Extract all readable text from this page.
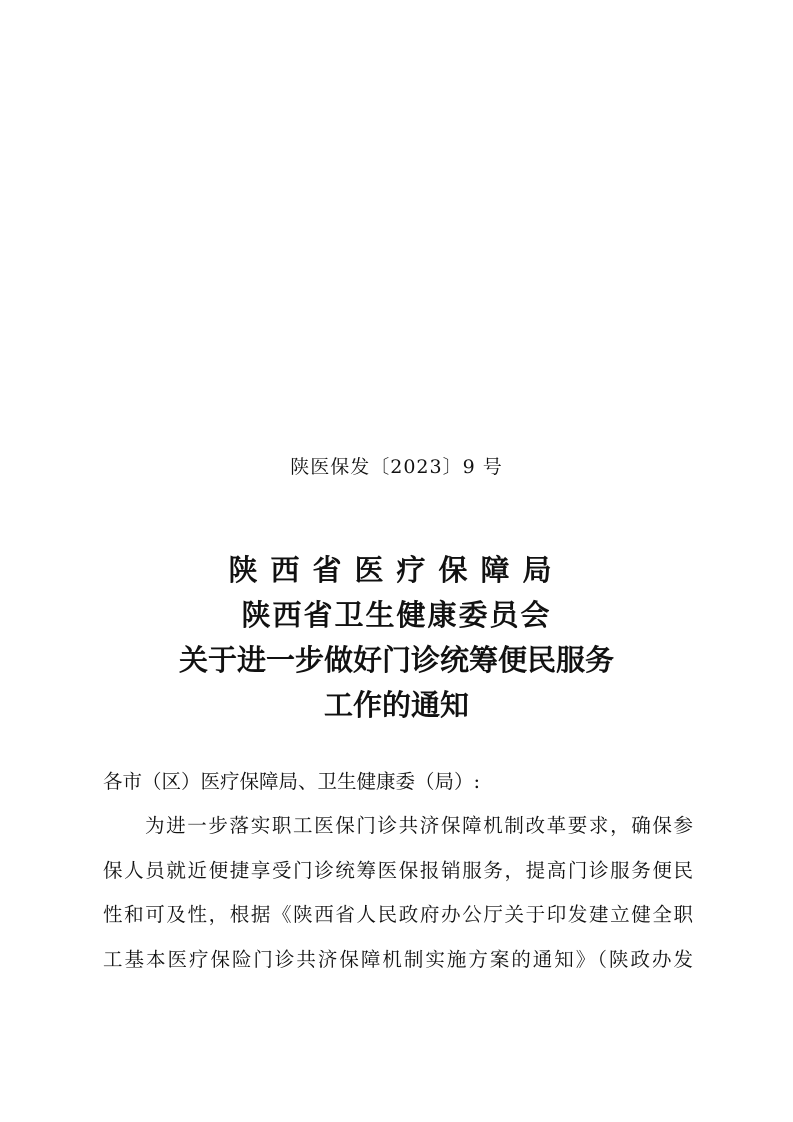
陕医保发〔2023〕9 号
陕西省医疗保障局
陕西省卫生健康委员会
关于进一步做好门诊统筹便民服务
工作的通知
各市（区）医疗保障局、卫生健康委（局）:
为进一步落实职工医保门诊共济保障机制改革要求，确保参
保人员就近便捷享受门诊统筹医保报销服务，提高门诊服务便民
性和可及性，根据《陕西省人民政府办公厅关于印发建立健全职
工基本医疗保险门诊共济保障机制实施方案的通知》（陕政办发
